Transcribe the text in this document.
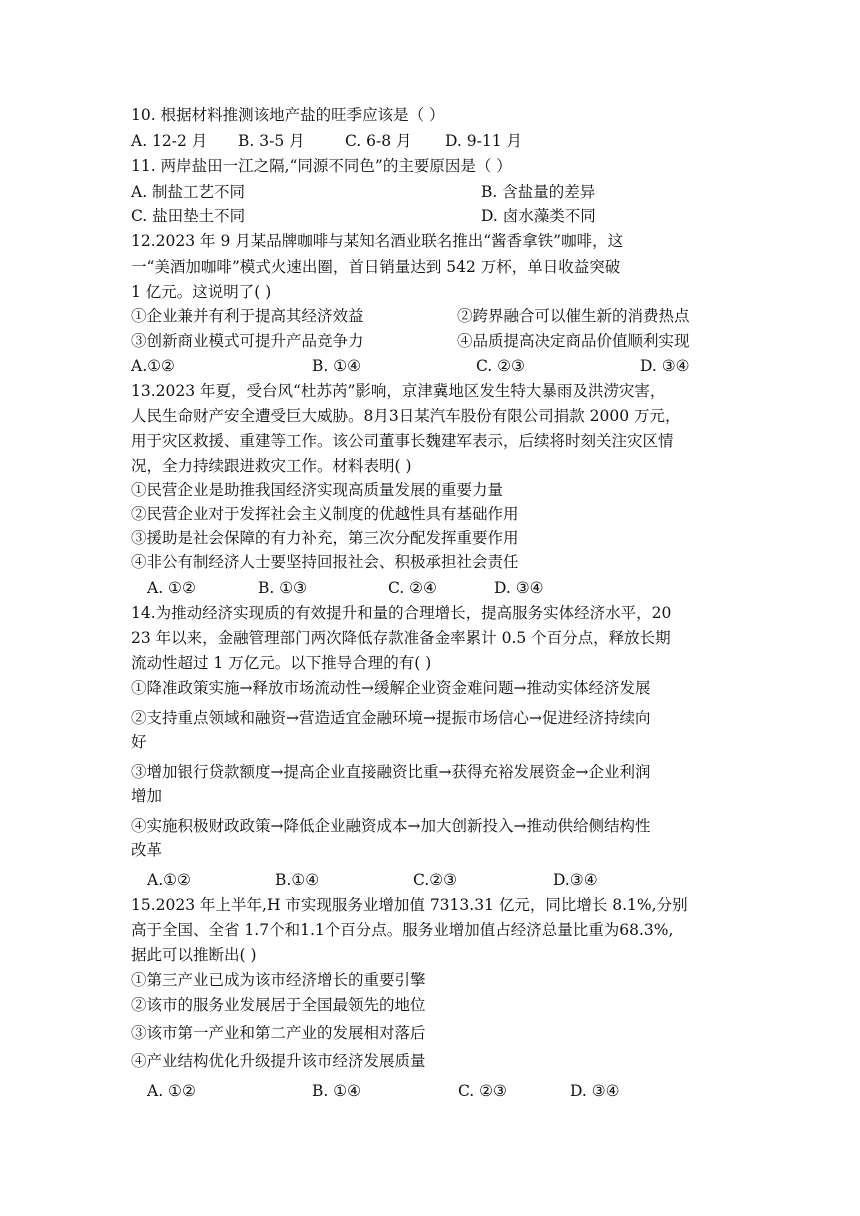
10. 根据材料推测该地产盐的旺季应该是（ ）
A. 12-2 月 B. 3-5 月	C. 6-8 月 D. 9-11 月
11. 两岸盐田一江之隔,“同源不同色”的主要原因是（ ）
A. 制盐工艺不同	B. 含盐量的差异
C. 盐田垫土不同	D. 卤水藻类不同
12.2023 年 9 月某品牌咖啡与某知名酒业联名推出“酱香拿铁”咖啡，这
一“美酒加咖啡”模式火速出圈，首日销量达到 542 万杯，单日收益突破
1 亿元。这说明了( )
①企业兼并有利于提高其经济效益	②跨界融合可以催生新的消费热点
③创新商业模式可提升产品竞争力	④品质提高决定商品价值顺利实现
A.①②	B. ①④	C. ②③	D. ③④
13.2023 年夏，受台风“杜苏芮”影响，京津冀地区发生特大暴雨及洪涝灾害，
人民生命财产安全遭受巨大威胁。8月3日某汽车股份有限公司捐款 2000 万元，
用于灾区救援、重建等工作。该公司董事长魏建军表示，后续将时刻关注灾区情
况，全力持续跟进救灾工作。材料表明( )
①民营企业是助推我国经济实现高质量发展的重要力量
②民营企业对于发挥社会主义制度的优越性具有基础作用
③援助是社会保障的有力补充，第三次分配发挥重要作用
④非公有制经济人士要坚持回报社会、积极承担社会责任
A. ①②	B. ①③	C. ②④	D. ③④
14.为推动经济实现质的有效提升和量的合理增长，提高服务实体经济水平，20
23 年以来，金融管理部门两次降低存款准备金率累计 0.5 个百分点，释放长期
流动性超过 1 万亿元。以下推导合理的有( )
①降准政策实施→释放市场流动性→缓解企业资金难问题→推动实体经济发展
②支持重点领域和融资→营造适宜金融环境→提振市场信心→促进经济持续向
好
③增加银行贷款额度→提高企业直接融资比重→获得充裕发展资金→企业利润
增加
④实施积极财政政策→降低企业融资成本→加大创新投入→推动供给侧结构性
改革
A.①②	B.①④	C.②③	D.③④
15.2023 年上半年,H 市实现服务业增加值 7313.31 亿元，同比增长 8.1%,分别
高于全国、全省 1.7个和1.1个百分点。服务业增加值占经济总量比重为68.3%,
据此可以推断出( )
①第三产业已成为该市经济增长的重要引擎
②该市的服务业发展居于全国最领先的地位
③该市第一产业和第二产业的发展相对落后
④产业结构优化升级提升该市经济发展质量
A. ①②	B. ①④	C. ②③	D. ③④
